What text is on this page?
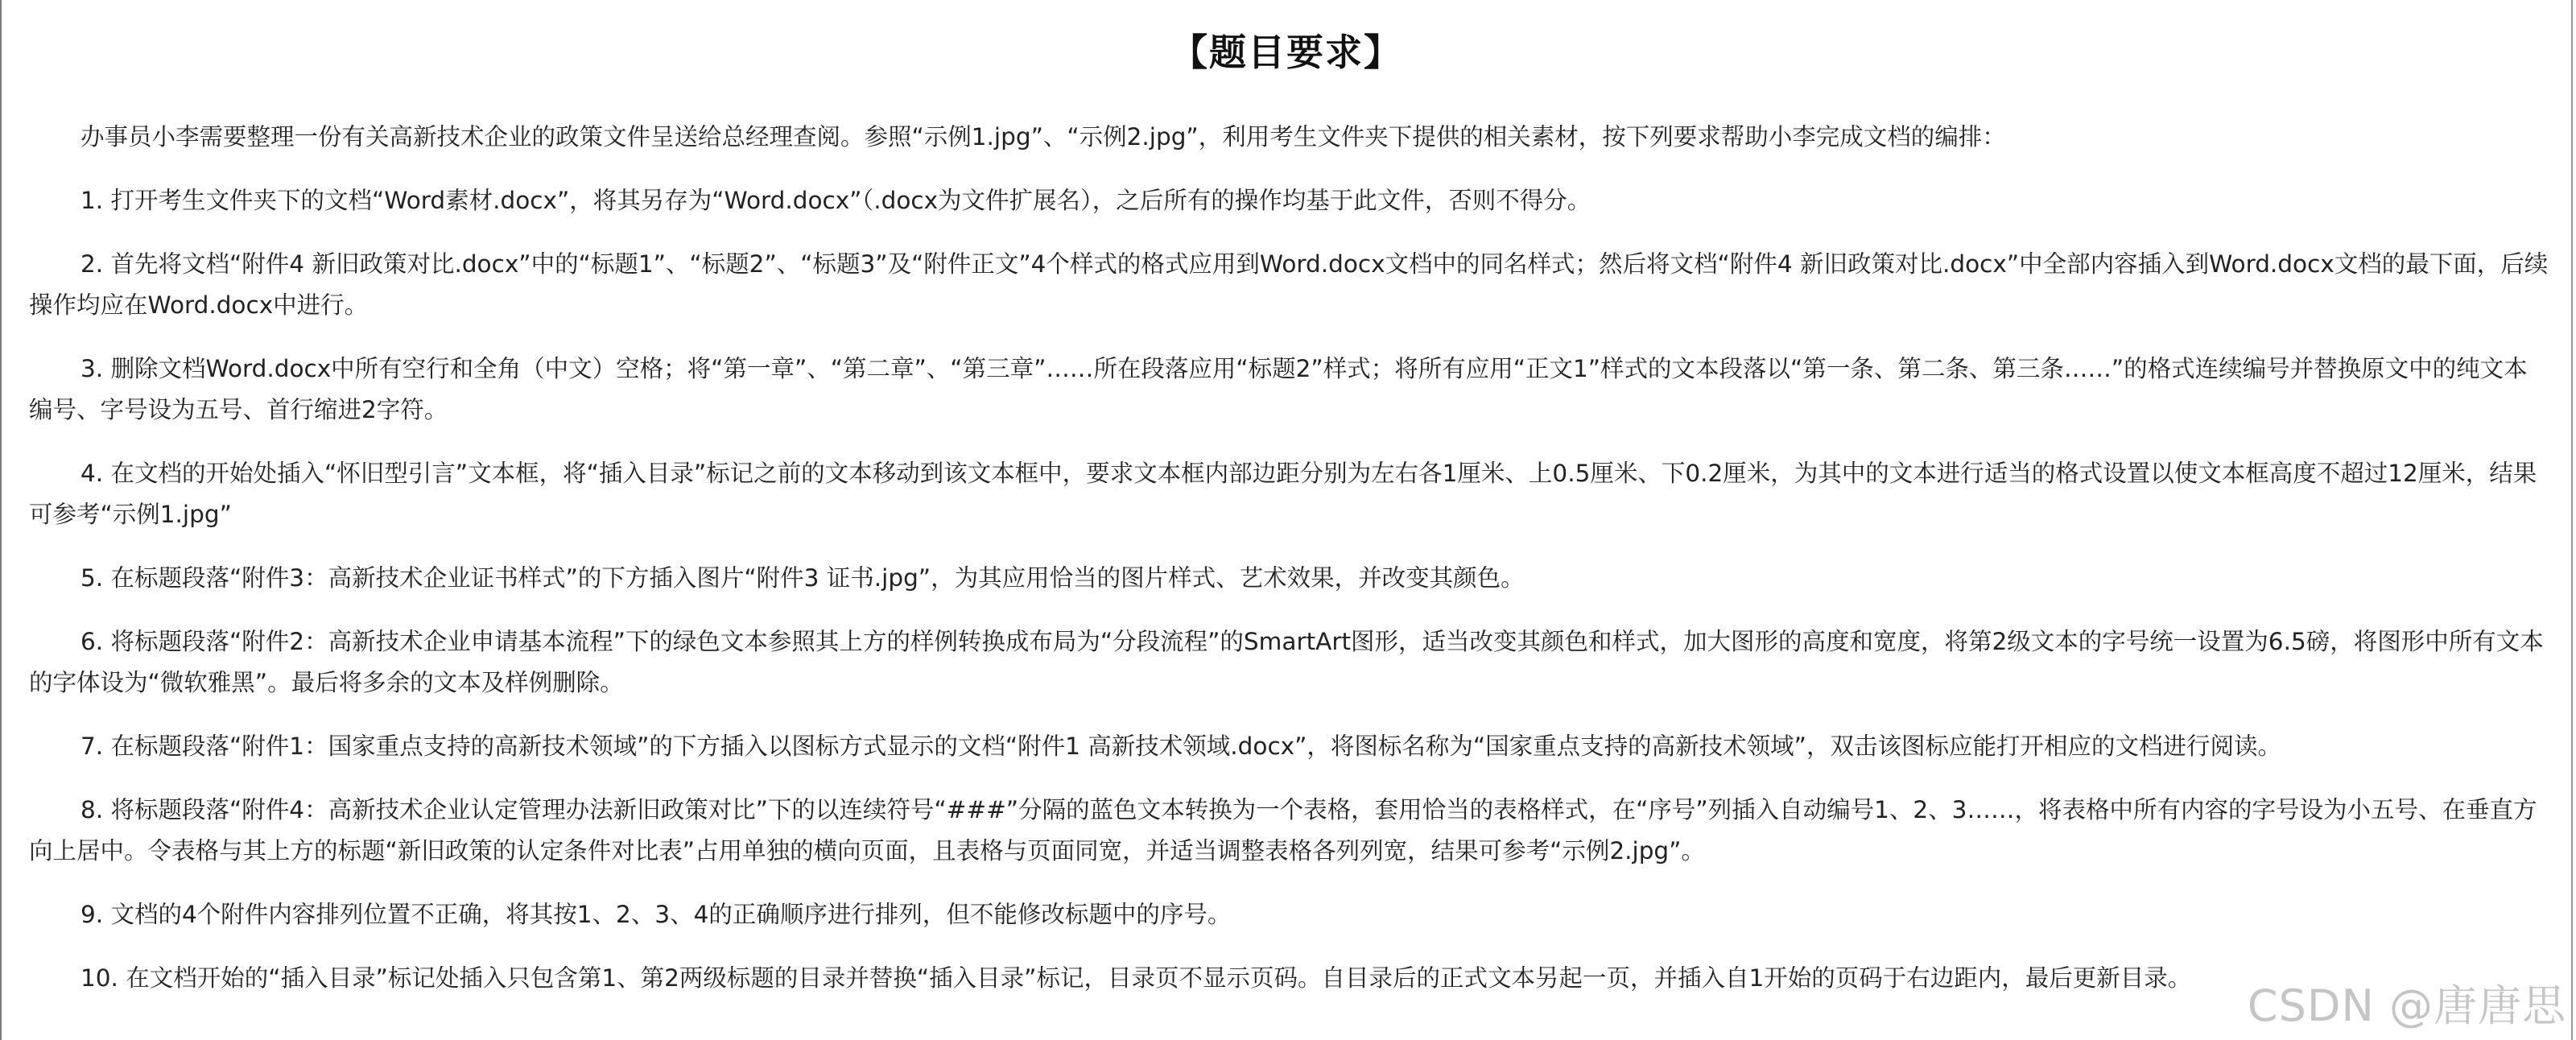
【题目要求】

办事员小李需要整理一份有关高新技术企业的政策文件呈送给总经理查阅。参照“示例1.jpg”、“示例2.jpg”，利用考生文件夹下提供的相关素材，按下列要求帮助小李完成文档的编排：

1. 打开考生文件夹下的文档“Word素材.docx”，将其另存为“Word.docx”（.docx为文件扩展名），之后所有的操作均基于此文件，否则不得分。

2. 首先将文档“附件4 新旧政策对比.docx”中的“标题1”、“标题2”、“标题3”及“附件正文”4个样式的格式应用到Word.docx文档中的同名样式；然后将文档“附件4 新旧政策对比.docx”中全部内容插入到Word.docx文档的最下面，后续操作均应在Word.docx中进行。

3. 删除文档Word.docx中所有空行和全角（中文）空格；将“第一章”、“第二章”、“第三章”……所在段落应用“标题2”样式；将所有应用“正文1”样式的文本段落以“第一条、第二条、第三条……”的格式连续编号并替换原文中的纯文本编号、字号设为五号、首行缩进2字符。

4. 在文档的开始处插入“怀旧型引言”文本框，将“插入目录”标记之前的文本移动到该文本框中，要求文本框内部边距分别为左右各1厘米、上0.5厘米、下0.2厘米，为其中的文本进行适当的格式设置以使文本框高度不超过12厘米，结果可参考“示例1.jpg”

5. 在标题段落“附件3：高新技术企业证书样式”的下方插入图片“附件3 证书.jpg”，为其应用恰当的图片样式、艺术效果，并改变其颜色。

6. 将标题段落“附件2：高新技术企业申请基本流程”下的绿色文本参照其上方的样例转换成布局为“分段流程”的SmartArt图形，适当改变其颜色和样式，加大图形的高度和宽度，将第2级文本的字号统一设置为6.5磅，将图形中所有文本的字体设为“微软雅黑”。最后将多余的文本及样例删除。

7. 在标题段落“附件1：国家重点支持的高新技术领域”的下方插入以图标方式显示的文档“附件1 高新技术领域.docx”，将图标名称为“国家重点支持的高新技术领域”，双击该图标应能打开相应的文档进行阅读。

8. 将标题段落“附件4：高新技术企业认定管理办法新旧政策对比”下的以连续符号“###”分隔的蓝色文本转换为一个表格，套用恰当的表格样式，在“序号”列插入自动编号1、2、3……，将表格中所有内容的字号设为小五号、在垂直方向上居中。令表格与其上方的标题“新旧政策的认定条件对比表”占用单独的横向页面，且表格与页面同宽，并适当调整表格各列列宽，结果可参考“示例2.jpg”。

9. 文档的4个附件内容排列位置不正确，将其按1、2、3、4的正确顺序进行排列，但不能修改标题中的序号。

10. 在文档开始的“插入目录”标记处插入只包含第1、第2两级标题的目录并替换“插入目录”标记，目录页不显示页码。自目录后的正式文本另起一页，并插入自1开始的页码于右边距内，最后更新目录。

CSDN @唐唐思
